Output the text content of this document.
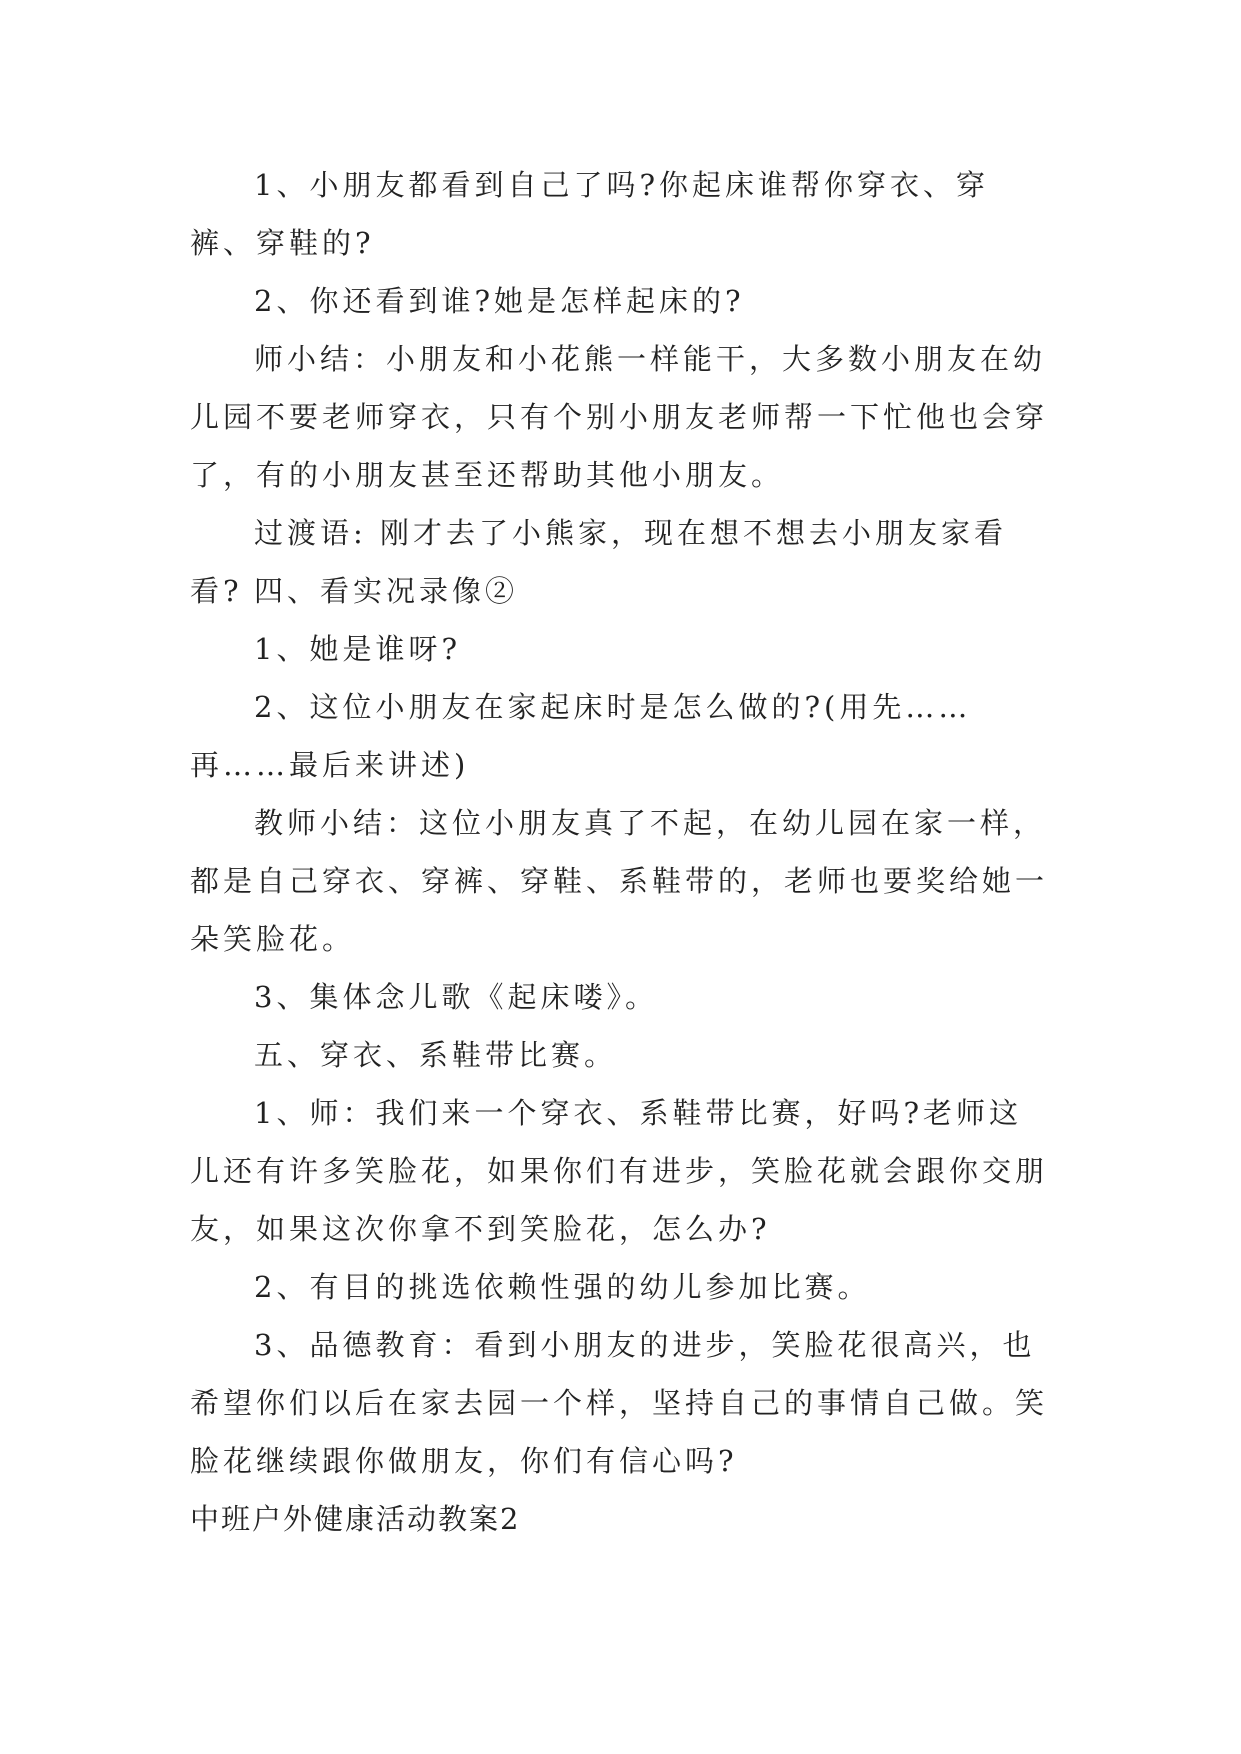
1、小朋友都看到自己了吗?你起床谁帮你穿衣、穿裤、穿鞋的?

2、你还看到谁?她是怎样起床的?

师小结：小朋友和小花熊一样能干，大多数小朋友在幼儿园不要老师穿衣，只有个别小朋友老师帮一下忙他也会穿了，有的小朋友甚至还帮助其他小朋友。

过渡语: 刚才去了小熊家，现在想不想去小朋友家看看? 四、看实况录像②

1、她是谁呀?

2、这位小朋友在家起床时是怎么做的?(用先……再……最后来讲述)

教师小结：这位小朋友真了不起，在幼儿园在家一样，都是自己穿衣、穿裤、穿鞋、系鞋带的，老师也要奖给她一朵笑脸花。

3、集体念儿歌《起床喽》。

五、穿衣、系鞋带比赛。

1、师：我们来一个穿衣、系鞋带比赛，好吗?老师这儿还有许多笑脸花，如果你们有进步，笑脸花就会跟你交朋友，如果这次你拿不到笑脸花，怎么办?

2、有目的挑选依赖性强的幼儿参加比赛。

3、品德教育：看到小朋友的进步，笑脸花很高兴，也希望你们以后在家去园一个样，坚持自己的事情自己做。笑脸花继续跟你做朋友，你们有信心吗?

中班户外健康活动教案2
